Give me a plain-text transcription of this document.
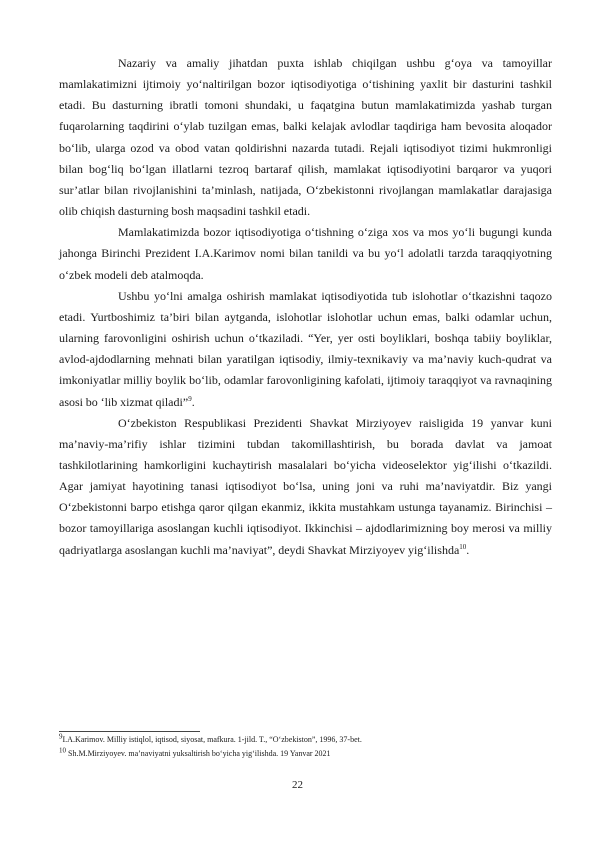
Nazariy va amaliy jihatdan puxta ishlab chiqilgan ushbu g‘oya va tamoyillar mamlakatimizni ijtimoiy yo‘naltirilgan bozor iqtisodiyotiga o‘tishining yaxlit bir dasturini tashkil etadi. Bu dasturning ibratli tomoni shundaki, u faqatgina butun mamlakatimizda yashab turgan fuqarolarning taqdirini o‘ylab tuzilgan emas, balki kelajak avlodlar taqdiriga ham bevosita aloqador bo‘lib, ularga ozod va obod vatan qoldirishni nazarda tutadi. Rejali iqtisodiyot tizimi hukmronligi bilan bog‘liq bo‘lgan illatlarni tezroq bartaraf qilish, mamlakat iqtisodiyotini barqaror va yuqori sur’atlar bilan rivojlanishini ta’minlash, natijada, O‘zbekistonni rivojlangan mamlakatlar darajasiga olib chiqish dasturning bosh maqsadini tashkil etadi.

Mamlakatimizda bozor iqtisodiyotiga o‘tishning o‘ziga xos va mos yo‘li bugungi kunda jahonga Birinchi Prezident I.A.Karimov nomi bilan tanildi va bu yo‘l adolatli tarzda taraqqiyotning o‘zbek modeli deb atalmoqda.

Ushbu yo‘lni amalga oshirish mamlakat iqtisodiyotida tub islohotlar o‘tkazishni taqozo etadi. Yurtboshimiz ta’biri bilan aytganda, islohotlar islohotlar uchun emas, balki odamlar uchun, ularning farovonligini oshirish uchun o‘tkaziladi. “Yer, yer osti boyliklari, boshqa tabiiy boyliklar, avlod-ajdodlarning mehnati bilan yaratilgan iqtisodiy, ilmiy-texnikaviy va ma’naviy kuch-qudrat va imkoniyatlar milliy boylik bo‘lib, odamlar farovonligining kafolati, ijtimoiy taraqqiyot va ravnaqining asosi bo ‘lib xizmat qiladi”$^9$.

O‘zbekiston Respublikasi Prezidenti Shavkat Mirziyoyev raisligida 19 yanvar kuni ma’naviy-ma’rifiy ishlar tizimini tubdan takomillashtirish, bu borada davlat va jamoat tashkilotlarining hamkorligini kuchaytirish masalalari bo‘yicha videoselektor yig‘ilishi o‘tkazildi. Agar jamiyat hayotining tanasi iqtisodiyot bo‘lsa, uning joni va ruhi ma’naviyatdir. Biz yangi O‘zbekistonni barpo etishga qaror qilgan ekanmiz, ikkita mustahkam ustunga tayanamiz. Birinchisi – bozor tamoyillariga asoslangan kuchli iqtisodiyot. Ikkinchisi – ajdodlarimizning boy merosi va milliy qadriyatlarga asoslangan kuchli ma’naviyat”, deydi Shavkat Mirziyoyev yig‘ilishda$^{10}$.

$^9$I.A.Karimov. Milliy istiqlol, iqtisod, siyosat, mafkura. 1-jild. T., “O‘zbekiston”, 1996, 37-bet.

$^{10}$ Sh.M.Mirziyoyev. ma’naviyatni yuksaltirish bo‘yicha yig‘ilishda. 19 Yanvar 2021

22
